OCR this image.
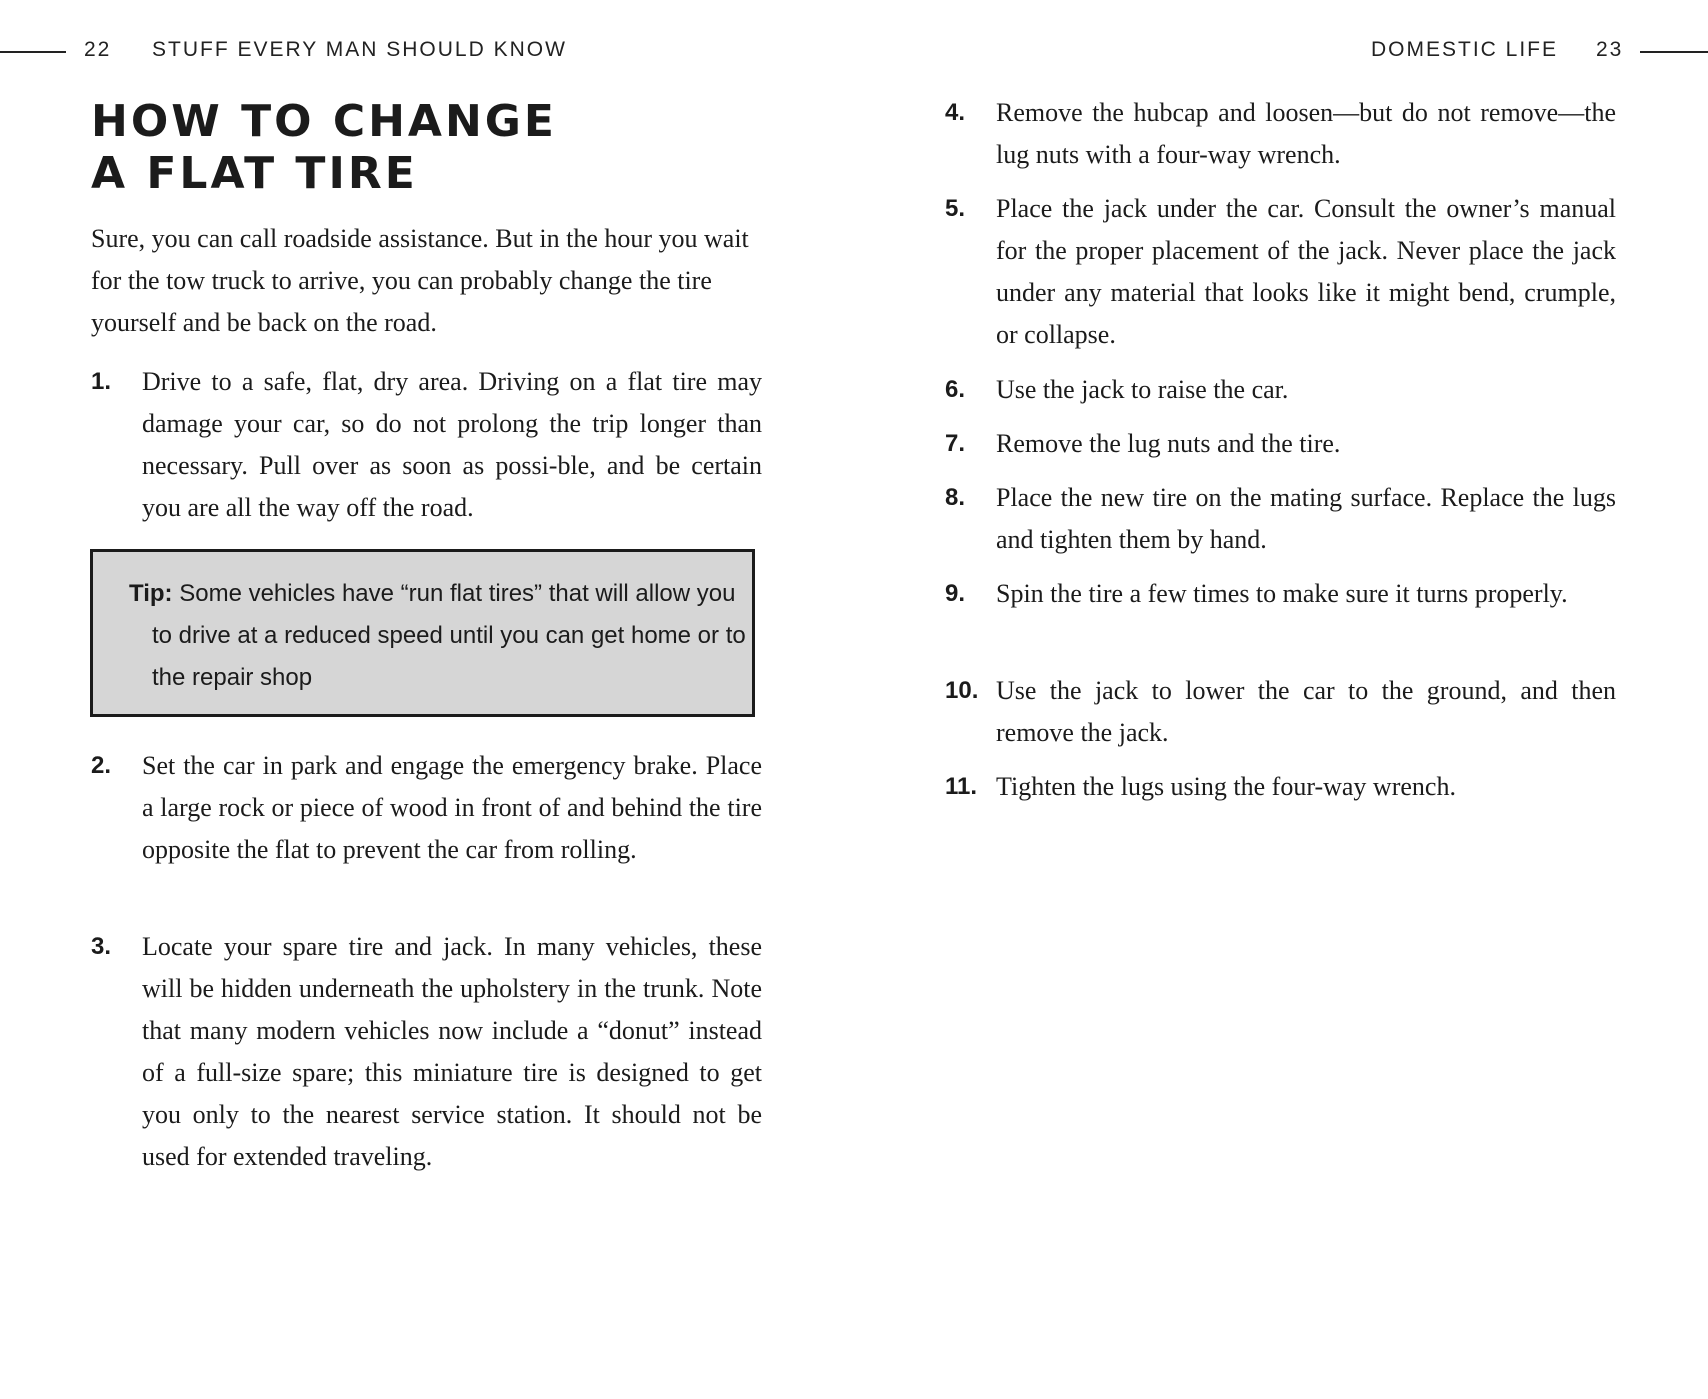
22 STUFF EVERY MAN SHOULD KNOW	DOMESTIC LIFE 23
HOW TO CHANGE
A FLAT TIRE

Sure, you can call roadside assistance. But in the hour you wait for the tow truck to arrive, you can probably change the tire yourself and be back on the road.

1. Drive to a safe, flat, dry area. Driving on a flat tire may damage your car, so do not prolong the trip longer than necessary. Pull over as soon as possi-ble, and be certain you are all the way off the road.

Tip: Some vehicles have “run flat tires” that will allow you to drive at a reduced speed until you can get home or to the repair shop

2. Set the car in park and engage the emergency brake. Place a large rock or piece of wood in front of and behind the tire opposite the flat to prevent the car from rolling.

3. Locate your spare tire and jack. In many vehicles, these will be hidden underneath the upholstery in the trunk. Note that many modern vehicles now include a “donut” instead of a full-size spare; this miniature tire is designed to get you only to the nearest service station. It should not be used for extended traveling.

4. Remove the hubcap and loosen—but do not remove—the lug nuts with a four-way wrench.

5. Place the jack under the car. Consult the owner’s manual for the proper placement of the jack. Never place the jack under any material that looks like it might bend, crumple, or collapse.

6. Use the jack to raise the car.

7. Remove the lug nuts and the tire.

8. Place the new tire on the mating surface. Replace the lugs and tighten them by hand.

9. Spin the tire a few times to make sure it turns properly.

10. Use the jack to lower the car to the ground, and then remove the jack.

11. Tighten the lugs using the four-way wrench.
